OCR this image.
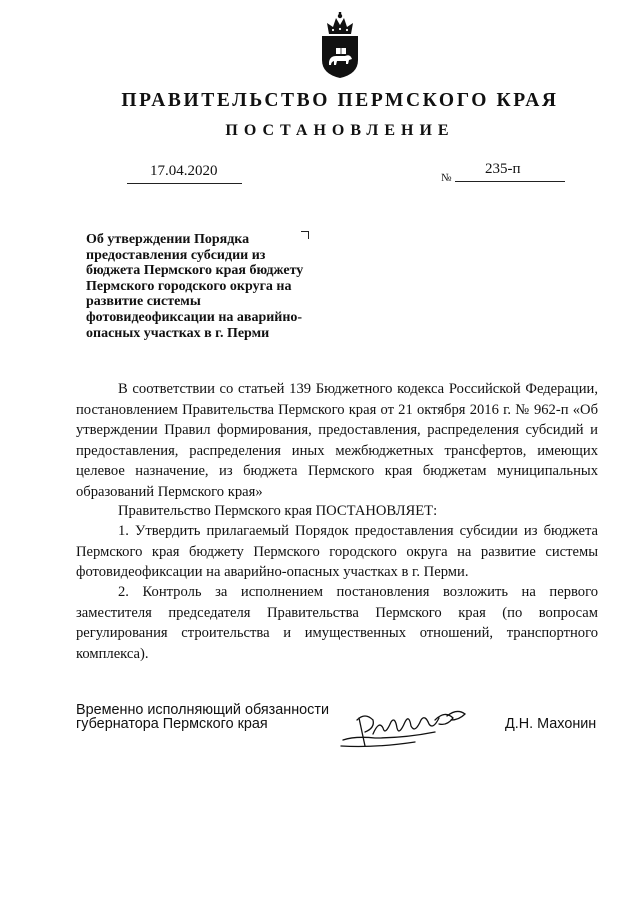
ПРАВИТЕЛЬСТВО ПЕРМСКОГО КРАЯ
ПОСТАНОВЛЕНИЕ
17.04.2020	№
235-п
Об утверждении Порядка предоставления субсидии из бюджета Пермского края бюджету Пермского городского округа на развитие системы фотовидеофиксации на аварийно-опасных участках в г. Перми
В соответствии со статьей 139 Бюджетного кодекса Российской Федерации, постановлением Правительства Пермского края от 21 октября 2016 г. № 962-п «Об утверждении Правил формирования, предоставления, распределения субсидий и предоставления, распределения иных межбюджетных трансфертов, имеющих целевое назначение, из бюджета Пермского края бюджетам муниципальных образований Пермского края»
Правительство Пермского края ПОСТАНОВЛЯЕТ:
1. Утвердить прилагаемый Порядок предоставления субсидии из бюджета Пермского края бюджету Пермского городского округа на развитие системы фотовидеофиксации на аварийно-опасных участках в г. Перми.
2. Контроль за исполнением постановления возложить на первого заместителя председателя Правительства Пермского края (по вопросам регулирования строительства и имущественных отношений, транспортного комплекса).
Временно исполняющий обязанности
губернатора Пермского края	Д.Н. Махонин
